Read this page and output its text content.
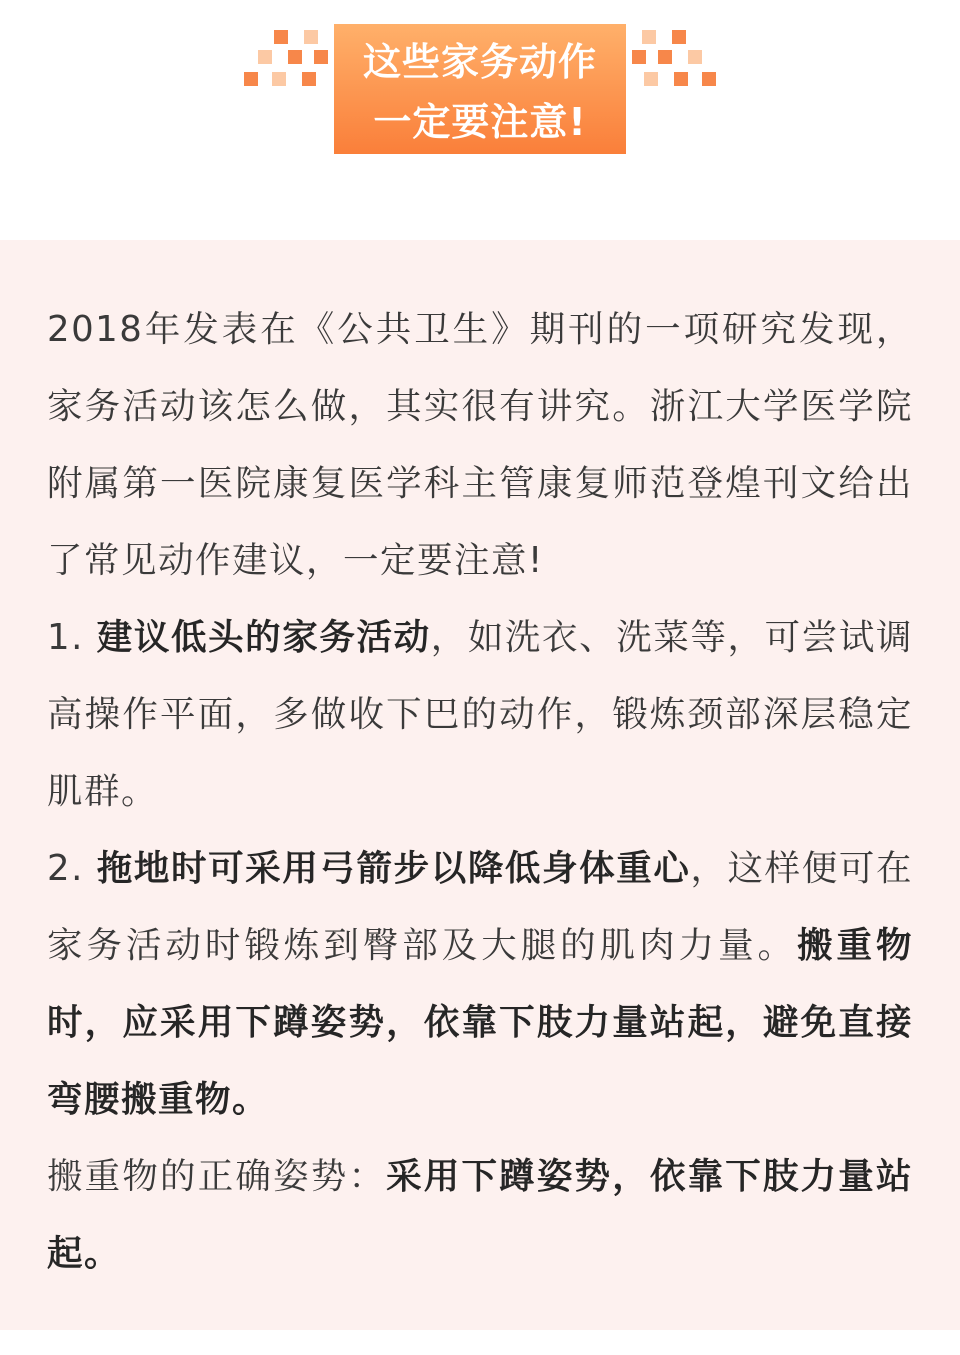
这些家务动作
一定要注意!

2018年发表在《公共卫生》期刊的一项研究发现，家务活动该怎么做，其实很有讲究。浙江大学医学院附属第一医院康复医学科主管康复师范登煌刊文给出了常见动作建议，一定要注意!

1. 建议低头的家务活动，如洗衣、洗菜等，可尝试调高操作平面，多做收下巴的动作，锻炼颈部深层稳定肌群。

2. 拖地时可采用弓箭步以降低身体重心，这样便可在家务活动时锻炼到臀部及大腿的肌肉力量。搬重物时，应采用下蹲姿势，依靠下肢力量站起，避免直接弯腰搬重物。

搬重物的正确姿势：采用下蹲姿势，依靠下肢力量站起。
